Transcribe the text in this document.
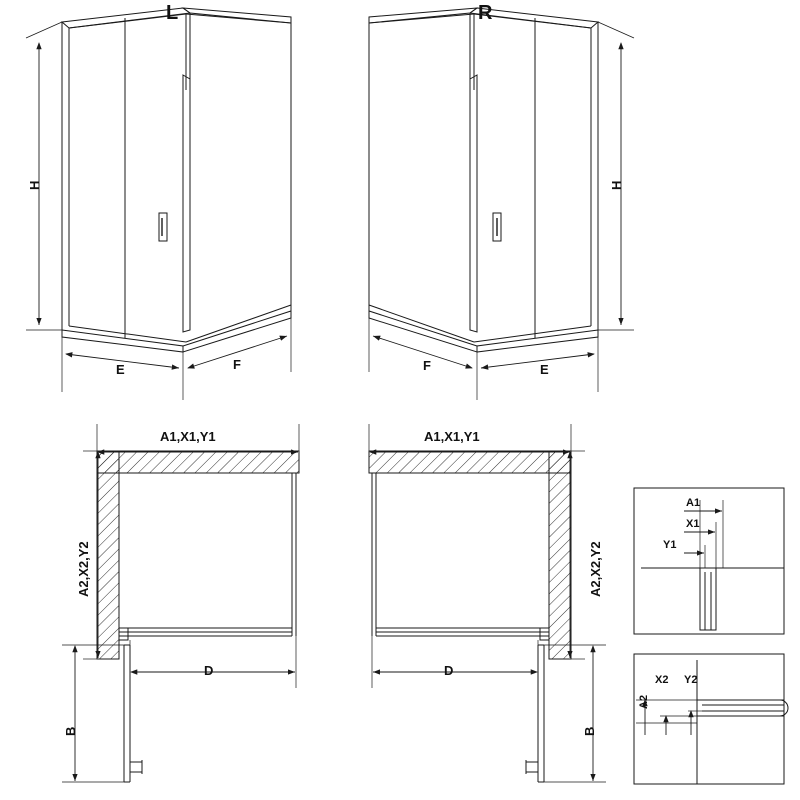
L	R
H	H
E	F	F	E
A1,X1,Y1	A1,X1,Y1
A2,X2,Y2	A2,X2,Y2
D	D
B	B
A1
X1
Y1
A2
X2 Y2
